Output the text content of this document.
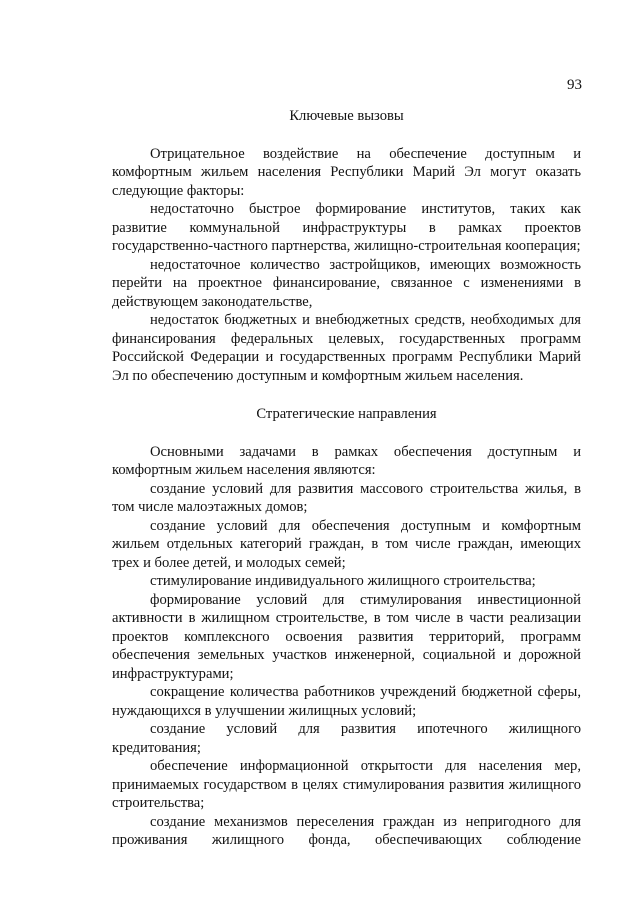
93
Ключевые вызовы

Отрицательное воздействие на обеспечение доступным и комфортным жильем населения Республики Марий Эл могут оказать следующие факторы:

недостаточно быстрое формирование институтов, таких как развитие коммунальной инфраструктуры в рамках проектов государственно-частного партнерства, жилищно-строительная кооперация;

недостаточное количество застройщиков, имеющих возможность перейти на проектное финансирование, связанное с изменениями в действующем законодательстве,

недостаток бюджетных и внебюджетных средств, необходимых для финансирования федеральных целевых, государственных программ Российской Федерации и государственных программ Республики Марий Эл по обеспечению доступным и комфортным жильем населения.

Стратегические направления

Основными задачами в рамках обеспечения доступным и комфортным жильем населения являются:

создание условий для развития массового строительства жилья, в том числе малоэтажных домов;

создание условий для обеспечения доступным и комфортным жильем отдельных категорий граждан, в том числе граждан, имеющих трех и более детей, и молодых семей;

стимулирование индивидуального жилищного строительства;

формирование условий для стимулирования инвестиционной активности в жилищном строительстве, в том числе в части реализации проектов комплексного освоения развития территорий, программ обеспечения земельных участков инженерной, социальной и дорожной инфраструктурами;

сокращение количества работников учреждений бюджетной сферы, нуждающихся в улучшении жилищных условий;

создание условий для развития ипотечного жилищного кредитования;

обеспечение информационной открытости для населения мер, принимаемых государством в целях стимулирования развития жилищного строительства;

создание механизмов переселения граждан из непригодного для проживания жилищного фонда, обеспечивающих соблюдение
